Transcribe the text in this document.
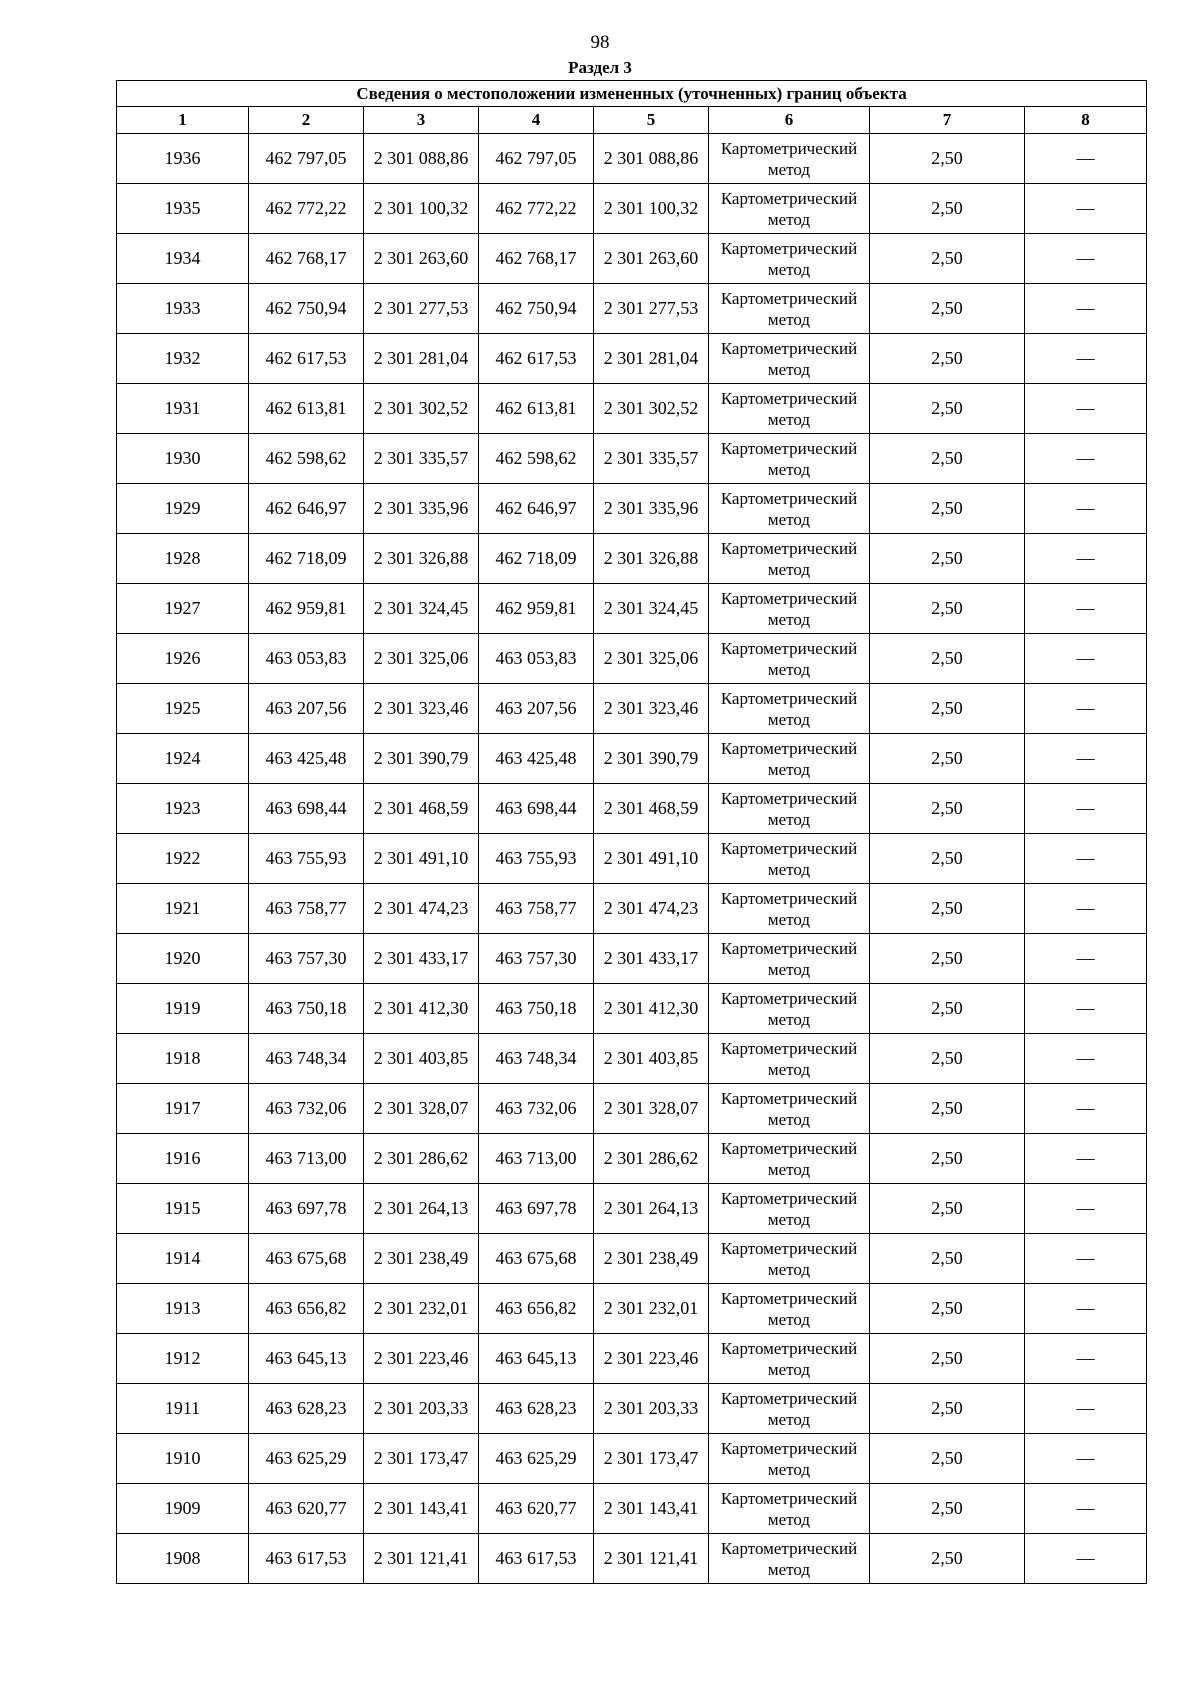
98
Раздел 3
Сведения о местоположении измененных (уточненных) границ объекта							
1	2	3	4	5	6	7	8
1936	462 797,05	2 301 088,86	462 797,05	2 301 088,86	Картометрический метод	2,50	—
1935	462 772,22	2 301 100,32	462 772,22	2 301 100,32	Картометрический метод	2,50	—
1934	462 768,17	2 301 263,60	462 768,17	2 301 263,60	Картометрический метод	2,50	—
1933	462 750,94	2 301 277,53	462 750,94	2 301 277,53	Картометрический метод	2,50	—
1932	462 617,53	2 301 281,04	462 617,53	2 301 281,04	Картометрический метод	2,50	—
1931	462 613,81	2 301 302,52	462 613,81	2 301 302,52	Картометрический метод	2,50	—
1930	462 598,62	2 301 335,57	462 598,62	2 301 335,57	Картометрический метод	2,50	—
1929	462 646,97	2 301 335,96	462 646,97	2 301 335,96	Картометрический метод	2,50	—
1928	462 718,09	2 301 326,88	462 718,09	2 301 326,88	Картометрический метод	2,50	—
1927	462 959,81	2 301 324,45	462 959,81	2 301 324,45	Картометрический метод	2,50	—
1926	463 053,83	2 301 325,06	463 053,83	2 301 325,06	Картометрический метод	2,50	—
1925	463 207,56	2 301 323,46	463 207,56	2 301 323,46	Картометрический метод	2,50	—
1924	463 425,48	2 301 390,79	463 425,48	2 301 390,79	Картометрический метод	2,50	—
1923	463 698,44	2 301 468,59	463 698,44	2 301 468,59	Картометрический метод	2,50	—
1922	463 755,93	2 301 491,10	463 755,93	2 301 491,10	Картометрический метод	2,50	—
1921	463 758,77	2 301 474,23	463 758,77	2 301 474,23	Картометрический метод	2,50	—
1920	463 757,30	2 301 433,17	463 757,30	2 301 433,17	Картометрический метод	2,50	—
1919	463 750,18	2 301 412,30	463 750,18	2 301 412,30	Картометрический метод	2,50	—
1918	463 748,34	2 301 403,85	463 748,34	2 301 403,85	Картометрический метод	2,50	—
1917	463 732,06	2 301 328,07	463 732,06	2 301 328,07	Картометрический метод	2,50	—
1916	463 713,00	2 301 286,62	463 713,00	2 301 286,62	Картометрический метод	2,50	—
1915	463 697,78	2 301 264,13	463 697,78	2 301 264,13	Картометрический метод	2,50	—
1914	463 675,68	2 301 238,49	463 675,68	2 301 238,49	Картометрический метод	2,50	—
1913	463 656,82	2 301 232,01	463 656,82	2 301 232,01	Картометрический метод	2,50	—
1912	463 645,13	2 301 223,46	463 645,13	2 301 223,46	Картометрический метод	2,50	—
1911	463 628,23	2 301 203,33	463 628,23	2 301 203,33	Картометрический метод	2,50	—
1910	463 625,29	2 301 173,47	463 625,29	2 301 173,47	Картометрический метод	2,50	—
1909	463 620,77	2 301 143,41	463 620,77	2 301 143,41	Картометрический метод	2,50	—
1908	463 617,53	2 301 121,41	463 617,53	2 301 121,41	Картометрический метод	2,50	—
